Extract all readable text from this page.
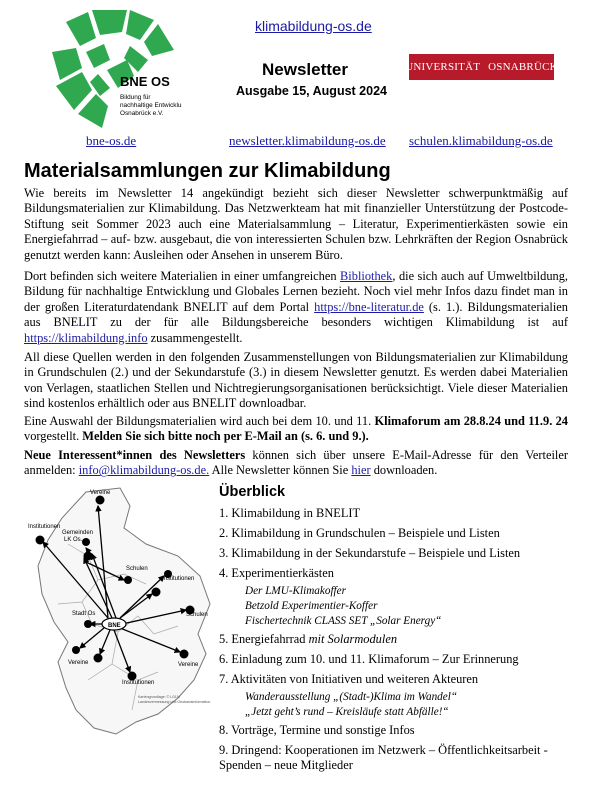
BNE OS
Bildung für
nachhaltige Entwicklung
Osnabrück e.V.
klimabildung-os.de
Newsletter
Ausgabe 15, August 2024
UNIVERSITÄT OSNABRÜCK
bne-os.de	newsletter.klimabildung-os.de schulen.klimabildung-os.de
Materialsammlungen zur Klimabildung

Wie bereits im Newsletter 14 angekündigt bezieht sich dieser Newsletter schwerpunktmäßig auf Bildungsmaterialien zur Klimabildung. Das Netzwerkteam hat mit finanzieller Unterstützung der Postcode-Stiftung seit Sommer 2023 auch eine Materialsammlung – Literatur, Experimentierkästen sowie ein Energiefahrrad – auf- bzw. ausgebaut, die von interessierten Schulen bzw. Lehrkräften der Region Osnabrück genutzt werden kann: Ausleihen oder Ansehen in unserem Büro.

Dort befinden sich weitere Materialien in einer umfangreichen Bibliothek, die sich auch auf Umweltbildung, Bildung für nachhaltige Entwicklung und Globales Lernen bezieht. Noch viel mehr Infos dazu findet man in der großen Literaturdatendank BNELIT auf dem Portal https://bne-literatur.de (s. 1.). Bildungsmaterialien aus BNELIT zu der für alle Bildungsbereiche besonders wichtigen Klimabildung ist auf https://klimabildung.info zusammengestellt.

All diese Quellen werden in den folgenden Zusammenstellungen von Bildungsmaterialien zur Klimabildung in Grundschulen (2.) und der Sekundarstufe (3.) in diesem Newsletter genutzt. Es werden dabei Materialien von Verlagen, staatlichen Stellen und Nichtregierungsorganisationen berücksichtigt. Viele dieser Materialien sind kostenlos erhältlich oder aus BNELIT downloadbar.

Eine Auswahl der Bildungsmaterialien wird auch bei dem 10. und 11. Klimaforum am 28.8.24 und 11.9. 24 vorgestellt. Melden Sie sich bitte noch per E-Mail an (s. 6. und 9.).

Neue Interessent*innen des Newsletters können sich über unsere E-Mail-Adresse für den Verteiler anmelden: info@klimabildung-os.de. Alle Newsletter können Sie hier downloaden.

BNE
Vereine
Institutionen
Gemeinden
LK Os.
Schulen
Institutionen
Schulen
Stadt Os
Vereine
Institutionen
Vereine
Kartengrundlage: © LGLN
Landesvermessung und Geobasisinformation
Überblick
1. Klimabildung in BNELIT
2. Klimabildung in Grundschulen – Beispiele und Listen
3. Klimabildung in der Sekundarstufe – Beispiele und Listen
4. Experimentierkästen
Der LMU-Klimakoffer
Betzold Experimentier-Koffer
Fischertechnik CLASS SET „Solar Energy“
5. Energiefahrrad mit Solarmodulen
6. Einladung zum 10. und 11. Klimaforum – Zur Erinnerung
7. Aktivitäten von Initiativen und weiteren Akteuren
Wanderausstellung „(Stadt-)Klima im Wandel“
„Jetzt geht’s rund – Kreisläufe statt Abfälle!“
8. Vorträge, Termine und sonstige Infos
9. Dringend: Kooperationen im Netzwerk – Öffentlichkeitsarbeit - Spenden – neue Mitglieder
